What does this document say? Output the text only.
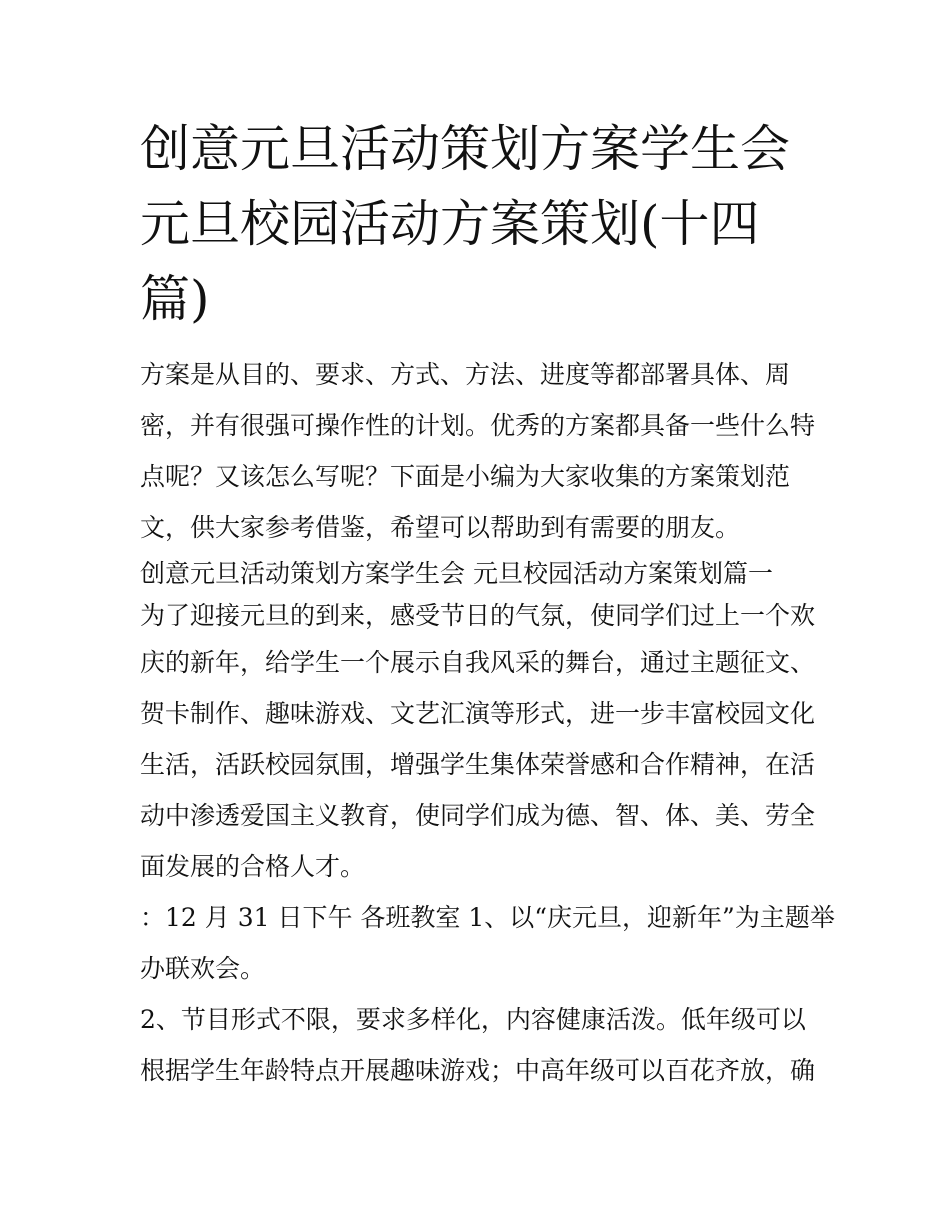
创意元旦活动策划方案学生会
元旦校园活动方案策划(十四
篇)
方案是从目的、要求、方式、方法、进度等都部署具体、周
密，并有很强可操作性的计划。优秀的方案都具备一些什么特
点呢？又该怎么写呢？下面是小编为大家收集的方案策划范
文，供大家参考借鉴，希望可以帮助到有需要的朋友。
创意元旦活动策划方案学生会 元旦校园活动方案策划篇一
为了迎接元旦的到来，感受节日的气氛，使同学们过上一个欢
庆的新年，给学生一个展示自我风采的舞台，通过主题征文、
贺卡制作、趣味游戏、文艺汇演等形式，进一步丰富校园文化
生活，活跃校园氛围，增强学生集体荣誉感和合作精神，在活
动中渗透爱国主义教育，使同学们成为德、智、体、美、劳全
面发展的合格人才。
：12 月 31 日下午 各班教室 1、以“庆元旦，迎新年”为主题举
办联欢会。
2、节目形式不限，要求多样化，内容健康活泼。低年级可以
根据学生年龄特点开展趣味游戏；中高年级可以百花齐放，确
